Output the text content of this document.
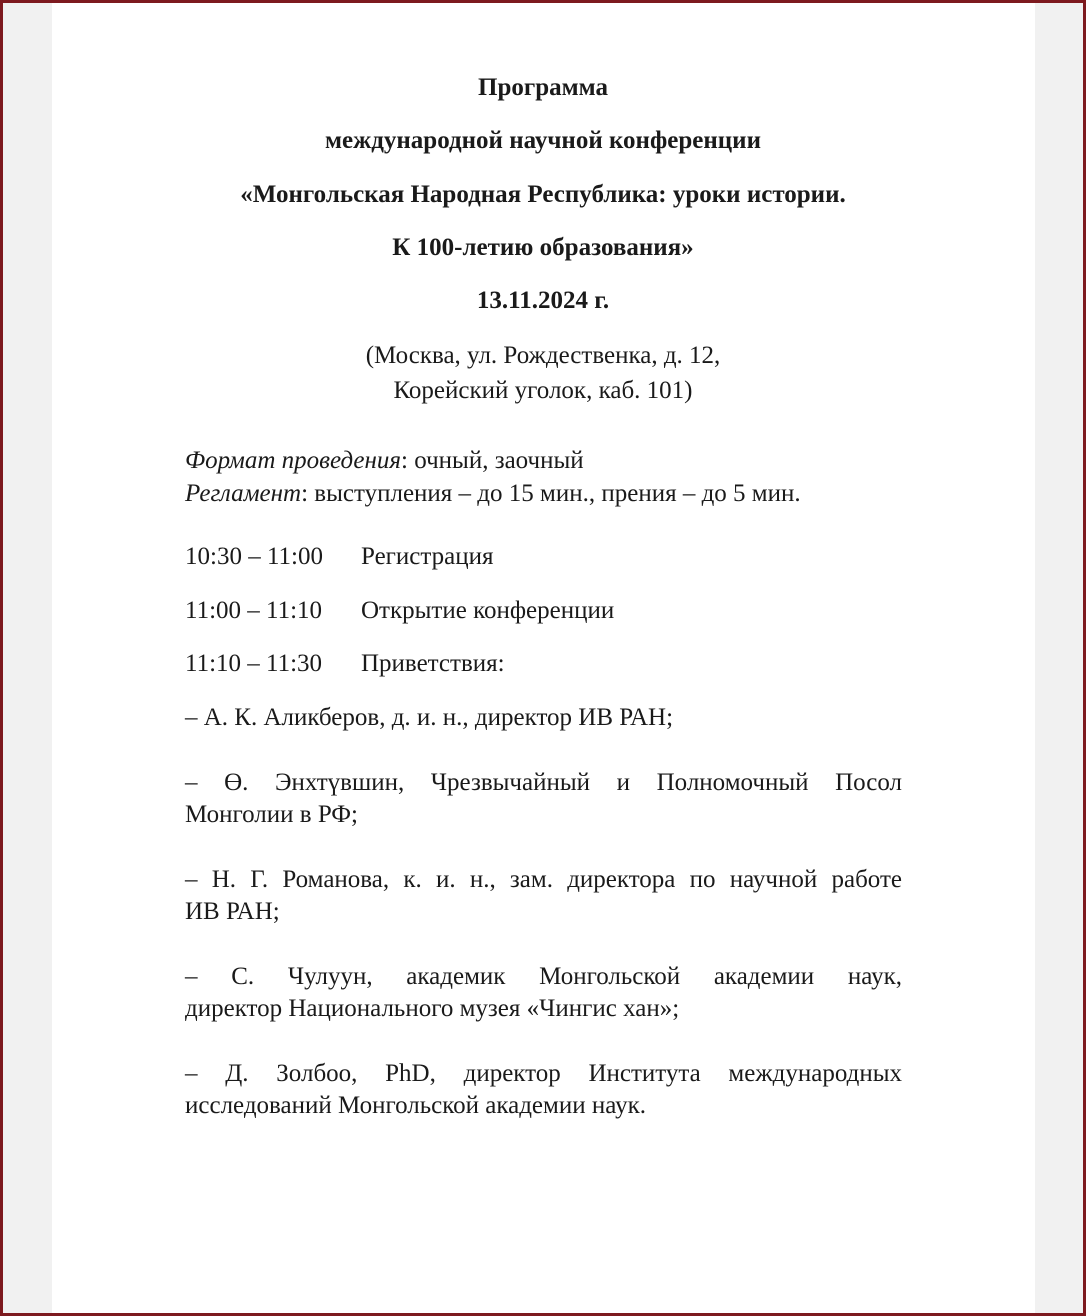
Программа
международной научной конференции
«Монгольская Народная Республика: уроки истории.
К 100-летию образования»
13.11.2024 г.
(Москва, ул. Рождественка, д. 12,
Корейский уголок, каб. 101)
Формат проведения: очный, заочный
Регламент: выступления – до 15 мин., прения – до 5 мин.
10:30 – 11:00 Регистрация
11:00 – 11:10 Открытие конференции
11:10 – 11:30 Приветствия:
– А. К. Аликберов, д. и. н., директор ИВ РАН;
– Ө. Энхтүвшин, Чрезвычайный и Полномочный Посол
Монголии в РФ;
– Н. Г. Романова, к. и. н., зам. директора по научной работе
ИВ РАН;
– С. Чулуун, академик Монгольской академии наук,
директор Национального музея «Чингис хан»;
– Д. Золбоо, PhD, директор Института международных
исследований Монгольской академии наук.
